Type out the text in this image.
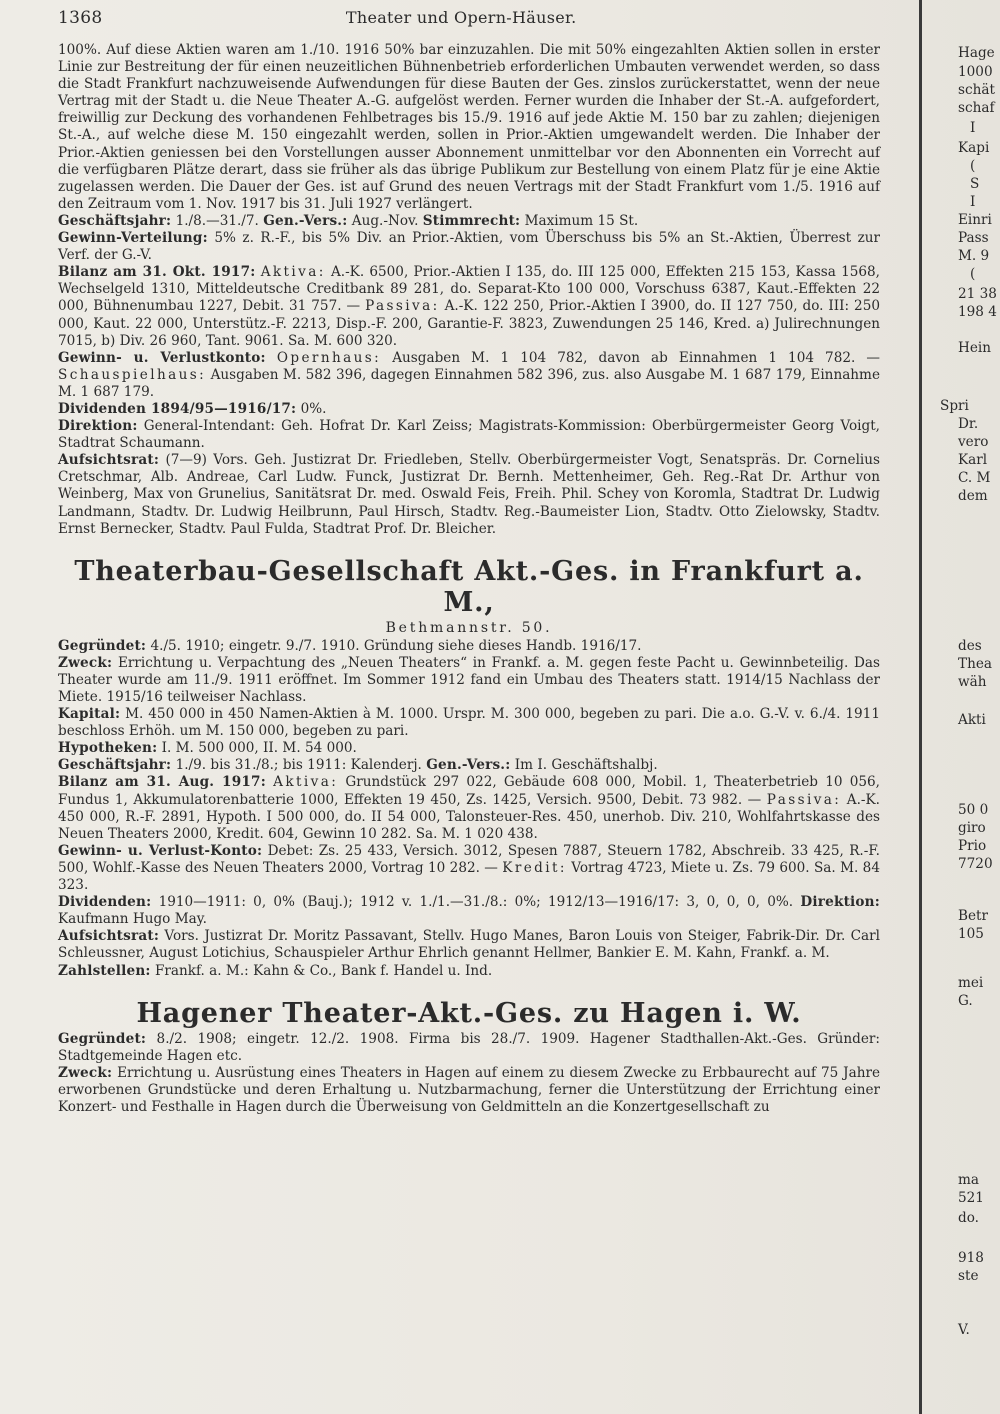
1368	Theater und Opern-Häuser.

100%. Auf diese Aktien waren am 1./10. 1916 50% bar einzuzahlen. Die mit 50% eingezahlten Aktien sollen in erster Linie zur Bestreitung der für einen neuzeitlichen Bühnenbetrieb erforderlichen Umbauten verwendet werden, so dass die Stadt Frankfurt nachzuweisende Aufwendungen für diese Bauten der Ges. zinslos zurückerstattet, wenn der neue Vertrag mit der Stadt u. die Neue Theater A.-G. aufgelöst werden. Ferner wurden die Inhaber der St.-A. aufgefordert, freiwillig zur Deckung des vorhandenen Fehlbetrages bis 15./9. 1916 auf jede Aktie M. 150 bar zu zahlen; diejenigen St.-A., auf welche diese M. 150 eingezahlt werden, sollen in Prior.-Aktien umgewandelt werden. Die Inhaber der Prior.-Aktien geniessen bei den Vorstellungen ausser Abonnement unmittelbar vor den Abonnenten ein Vorrecht auf die verfügbaren Plätze derart, dass sie früher als das übrige Publikum zur Bestellung von einem Platz für je eine Aktie zugelassen werden. Die Dauer der Ges. ist auf Grund des neuen Vertrags mit der Stadt Frankfurt vom 1./5. 1916 auf den Zeitraum vom 1. Nov. 1917 bis 31. Juli 1927 verlängert.

Geschäftsjahr: 1./8.—31./7. Gen.-Vers.: Aug.-Nov. Stimmrecht: Maximum 15 St.

Gewinn-Verteilung: 5% z. R.-F., bis 5% Div. an Prior.-Aktien, vom Überschuss bis 5% an St.-Aktien, Überrest zur Verf. der G.-V.

Bilanz am 31. Okt. 1917: Aktiva: A.-K. 6500, Prior.-Aktien I 135, do. III 125 000, Effekten 215 153, Kassa 1568, Wechselgeld 1310, Mitteldeutsche Creditbank 89 281, do. Separat-Kto 100 000, Vorschuss 6387, Kaut.-Effekten 22 000, Bühnenumbau 1227, Debit. 31 757. — Passiva: A.-K. 122 250, Prior.-Aktien I 3900, do. II 127 750, do. III: 250 000, Kaut. 22 000, Unterstütz.-F. 2213, Disp.-F. 200, Garantie-F. 3823, Zuwendungen 25 146, Kred. a) Julirechnungen 7015, b) Div. 26 960, Tant. 9061. Sa. M. 600 320.

Gewinn- u. Verlustkonto: Opernhaus: Ausgaben M. 1 104 782, davon ab Einnahmen 1 104 782. — Schauspielhaus: Ausgaben M. 582 396, dagegen Einnahmen 582 396, zus. also Ausgabe M. 1 687 179, Einnahme M. 1 687 179.

Dividenden 1894/95—1916/17: 0%.

Direktion: General-Intendant: Geh. Hofrat Dr. Karl Zeiss; Magistrats-Kommission: Oberbürgermeister Georg Voigt, Stadtrat Schaumann.

Aufsichtsrat: (7—9) Vors. Geh. Justizrat Dr. Friedleben, Stellv. Oberbürgermeister Vogt, Senatspräs. Dr. Cornelius Cretschmar, Alb. Andreae, Carl Ludw. Funck, Justizrat Dr. Bernh. Mettenheimer, Geh. Reg.-Rat Dr. Arthur von Weinberg, Max von Grunelius, Sanitätsrat Dr. med. Oswald Feis, Freih. Phil. Schey von Koromla, Stadtrat Dr. Ludwig Landmann, Stadtv. Dr. Ludwig Heilbrunn, Paul Hirsch, Stadtv. Reg.-Baumeister Lion, Stadtv. Otto Zielowsky, Stadtv. Ernst Bernecker, Stadtv. Paul Fulda, Stadtrat Prof. Dr. Bleicher.

Theaterbau-Gesellschaft Akt.-Ges. in Frankfurt a. M.,
Bethmannstr. 50.

Gegründet: 4./5. 1910; eingetr. 9./7. 1910. Gründung siehe dieses Handb. 1916/17.

Zweck: Errichtung u. Verpachtung des „Neuen Theaters“ in Frankf. a. M. gegen feste Pacht u. Gewinnbeteilig. Das Theater wurde am 11./9. 1911 eröffnet. Im Sommer 1912 fand ein Umbau des Theaters statt. 1914/15 Nachlass der Miete. 1915/16 teilweiser Nachlass.

Kapital: M. 450 000 in 450 Namen-Aktien à M. 1000. Urspr. M. 300 000, begeben zu pari. Die a.o. G.-V. v. 6./4. 1911 beschloss Erhöh. um M. 150 000, begeben zu pari.

Hypotheken: I. M. 500 000, II. M. 54 000.

Geschäftsjahr: 1./9. bis 31./8.; bis 1911: Kalenderj. Gen.-Vers.: Im I. Geschäftshalbj.

Bilanz am 31. Aug. 1917: Aktiva: Grundstück 297 022, Gebäude 608 000, Mobil. 1, Theaterbetrieb 10 056, Fundus 1, Akkumulatorenbatterie 1000, Effekten 19 450, Zs. 1425, Versich. 9500, Debit. 73 982. — Passiva: A.-K. 450 000, R.-F. 2891, Hypoth. I 500 000, do. II 54 000, Talonsteuer-Res. 450, unerhob. Div. 210, Wohlfahrtskasse des Neuen Theaters 2000, Kredit. 604, Gewinn 10 282. Sa. M. 1 020 438.

Gewinn- u. Verlust-Konto: Debet: Zs. 25 433, Versich. 3012, Spesen 7887, Steuern 1782, Abschreib. 33 425, R.-F. 500, Wohlf.-Kasse des Neuen Theaters 2000, Vortrag 10 282. — Kredit: Vortrag 4723, Miete u. Zs. 79 600. Sa. M. 84 323.

Dividenden: 1910—1911: 0, 0% (Bauj.); 1912 v. 1./1.—31./8.: 0%; 1912/13—1916/17: 3, 0, 0, 0, 0%. Direktion: Kaufmann Hugo May.

Aufsichtsrat: Vors. Justizrat Dr. Moritz Passavant, Stellv. Hugo Manes, Baron Louis von Steiger, Fabrik-Dir. Dr. Carl Schleussner, August Lotichius, Schauspieler Arthur Ehrlich genannt Hellmer, Bankier E. M. Kahn, Frankf. a. M.

Zahlstellen: Frankf. a. M.: Kahn & Co., Bank f. Handel u. Ind.

Hagener Theater-Akt.-Ges. zu Hagen i. W.

Gegründet: 8./2. 1908; eingetr. 12./2. 1908. Firma bis 28./7. 1909. Hagener Stadthallen-Akt.-Ges. Gründer: Stadtgemeinde Hagen etc.

Zweck: Errichtung u. Ausrüstung eines Theaters in Hagen auf einem zu diesem Zwecke zu Erbbaurecht auf 75 Jahre erworbenen Grundstücke und deren Erhaltung u. Nutzbarmachung, ferner die Unterstützung der Errichtung einer Konzert- und Festhalle in Hagen durch die Überweisung von Geldmitteln an die Konzertgesellschaft zu

Hage
1000
schät
schaf
I
Kapi
(
S
I
Einri
Pass
M. 9
(
21 38
198 4
Hein
Spri
Dr.
vero
Karl
C. M
dem
des
Thea
wäh
Akti
50 0
giro
Prio
7720
Betr
105
mei
G.
ma
521
do.
918
ste
V.
